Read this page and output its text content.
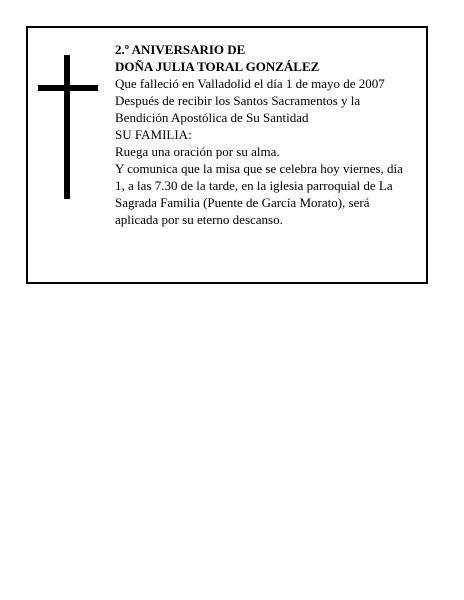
2.º ANIVERSARIO DE
DOÑA JULIA TORAL GONZÁLEZ
Que falleció en Valladolid el día 1 de mayo de 2007
Después de recibir los Santos Sacramentos y la
Bendición Apostólica de Su Santidad
SU FAMILIA:
Ruega una oración por su alma.
Y comunica que la misa que se celebra hoy viernes, día
1, a las 7.30 de la tarde, en la iglesia parroquial de La
Sagrada Familia (Puente de García Morato), será
aplicada por su eterno descanso.
